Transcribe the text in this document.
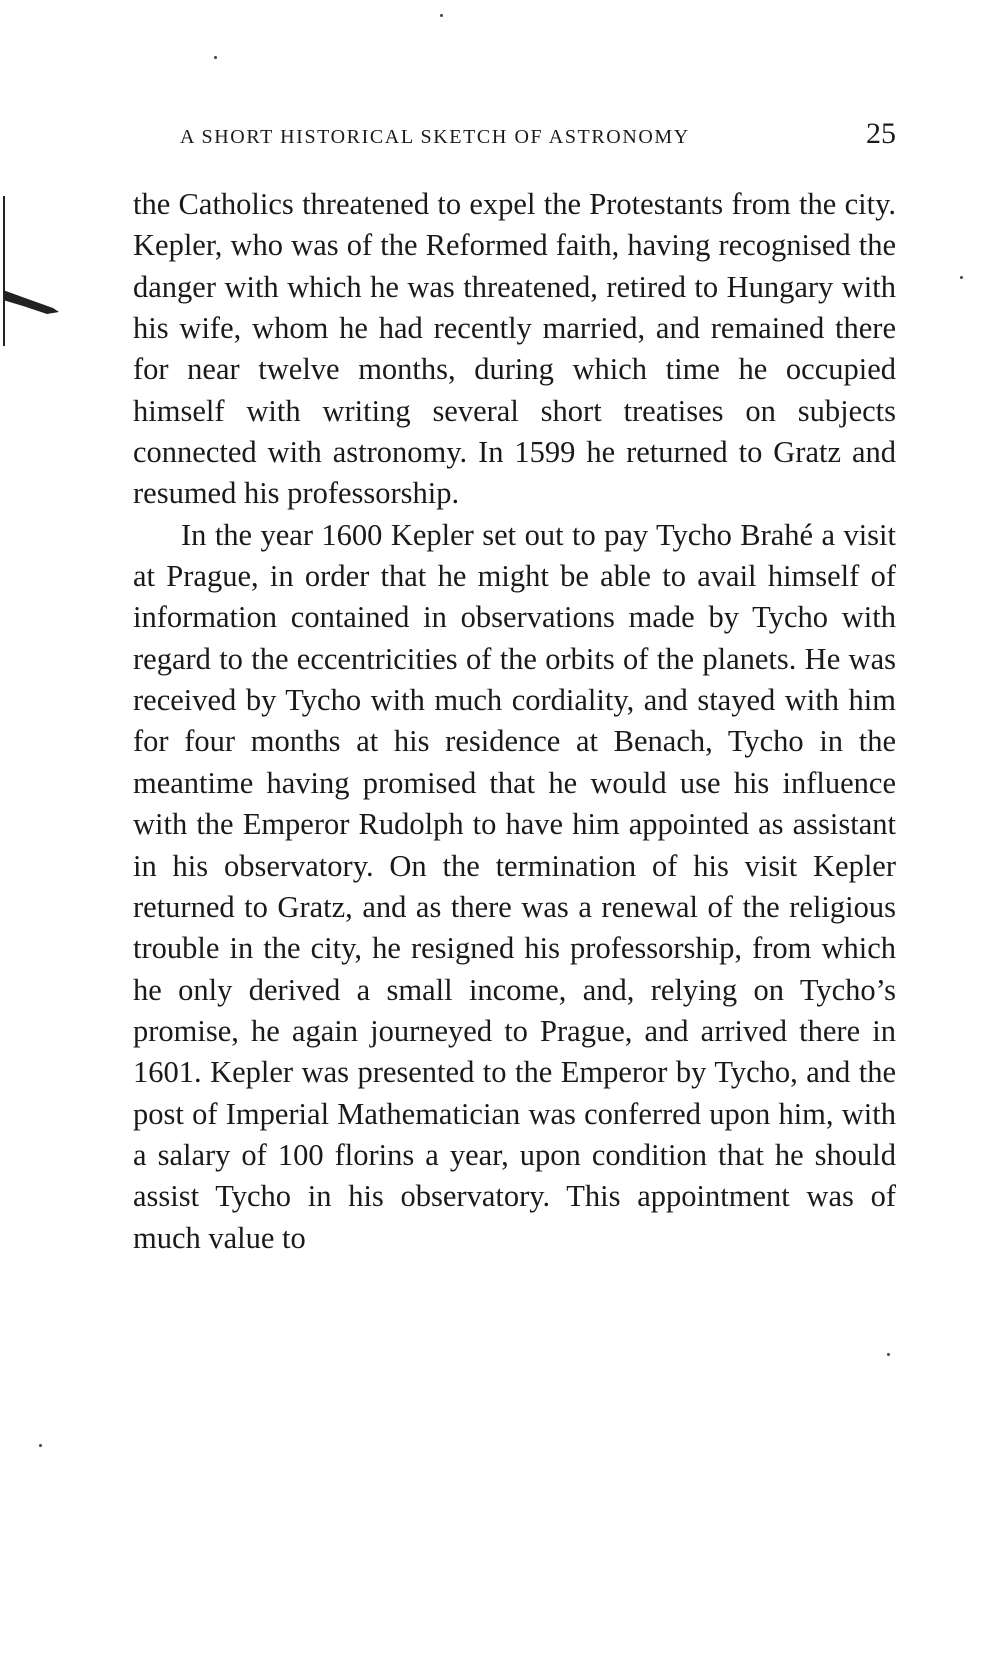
A SHORT HISTORICAL SKETCH OF ASTRONOMY	25

the Catholics threatened to expel the Protestants from the city. Kepler, who was of the Reformed faith, having recognised the danger with which he was threatened, retired to Hungary with his wife, whom he had recently married, and remained there for near twelve months, during which time he occupied himself with writing several short treatises on subjects connected with astronomy. In 1599 he returned to Gratz and resumed his professorship.

In the year 1600 Kepler set out to pay Tycho Brahé a visit at Prague, in order that he might be able to avail himself of information contained in observations made by Tycho with regard to the eccentricities of the orbits of the planets. He was received by Tycho with much cordiality, and stayed with him for four months at his residence at Benach, Tycho in the meantime having promised that he would use his influence with the Emperor Rudolph to have him appointed as assistant in his observatory. On the termination of his visit Kepler returned to Gratz, and as there was a renewal of the religious trouble in the city, he resigned his professorship, from which he only derived a small income, and, relying on Tycho’s promise, he again journeyed to Prague, and arrived there in 1601. Kepler was presented to the Emperor by Tycho, and the post of Imperial Mathematician was conferred upon him, with a salary of 100 florins a year, upon condition that he should assist Tycho in his observatory. This appointment was of much value to
